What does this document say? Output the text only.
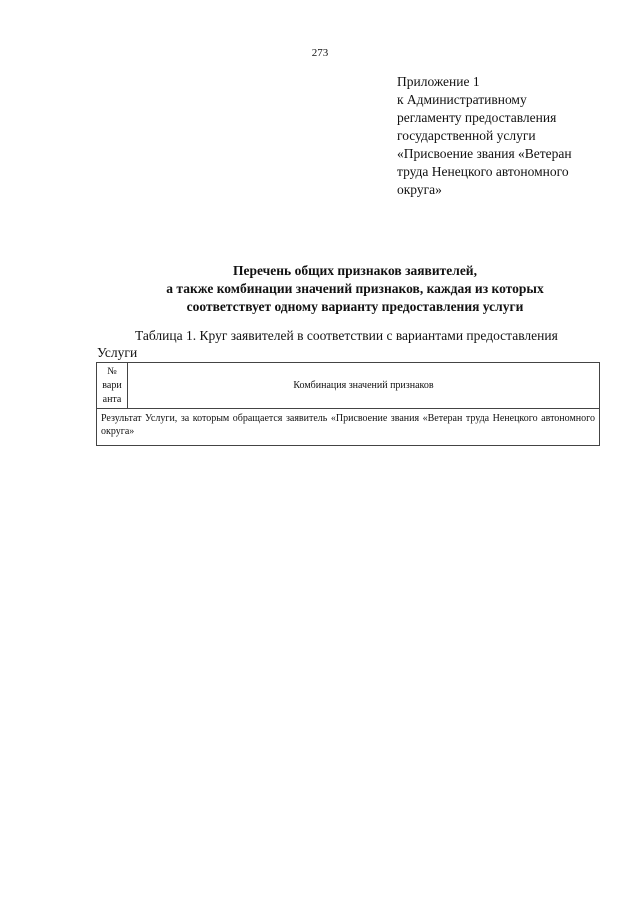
273
Приложение 1
к Административному
регламенту предоставления
государственной услуги
«Присвоение звания «Ветеран
труда Ненецкого автономного
округа»
Перечень общих признаков заявителей,
а также комбинации значений признаков, каждая из которых
соответствует одному варианту предоставления услуги
Таблица 1. Круг заявителей в соответствии с вариантами предоставления
Услуги
№
вари
анта
	Комбинация значений признаков
Результат Услуги, за которым обращается заявитель «Присвоение звания «Ветеран труда Ненецкого автономного округа»
